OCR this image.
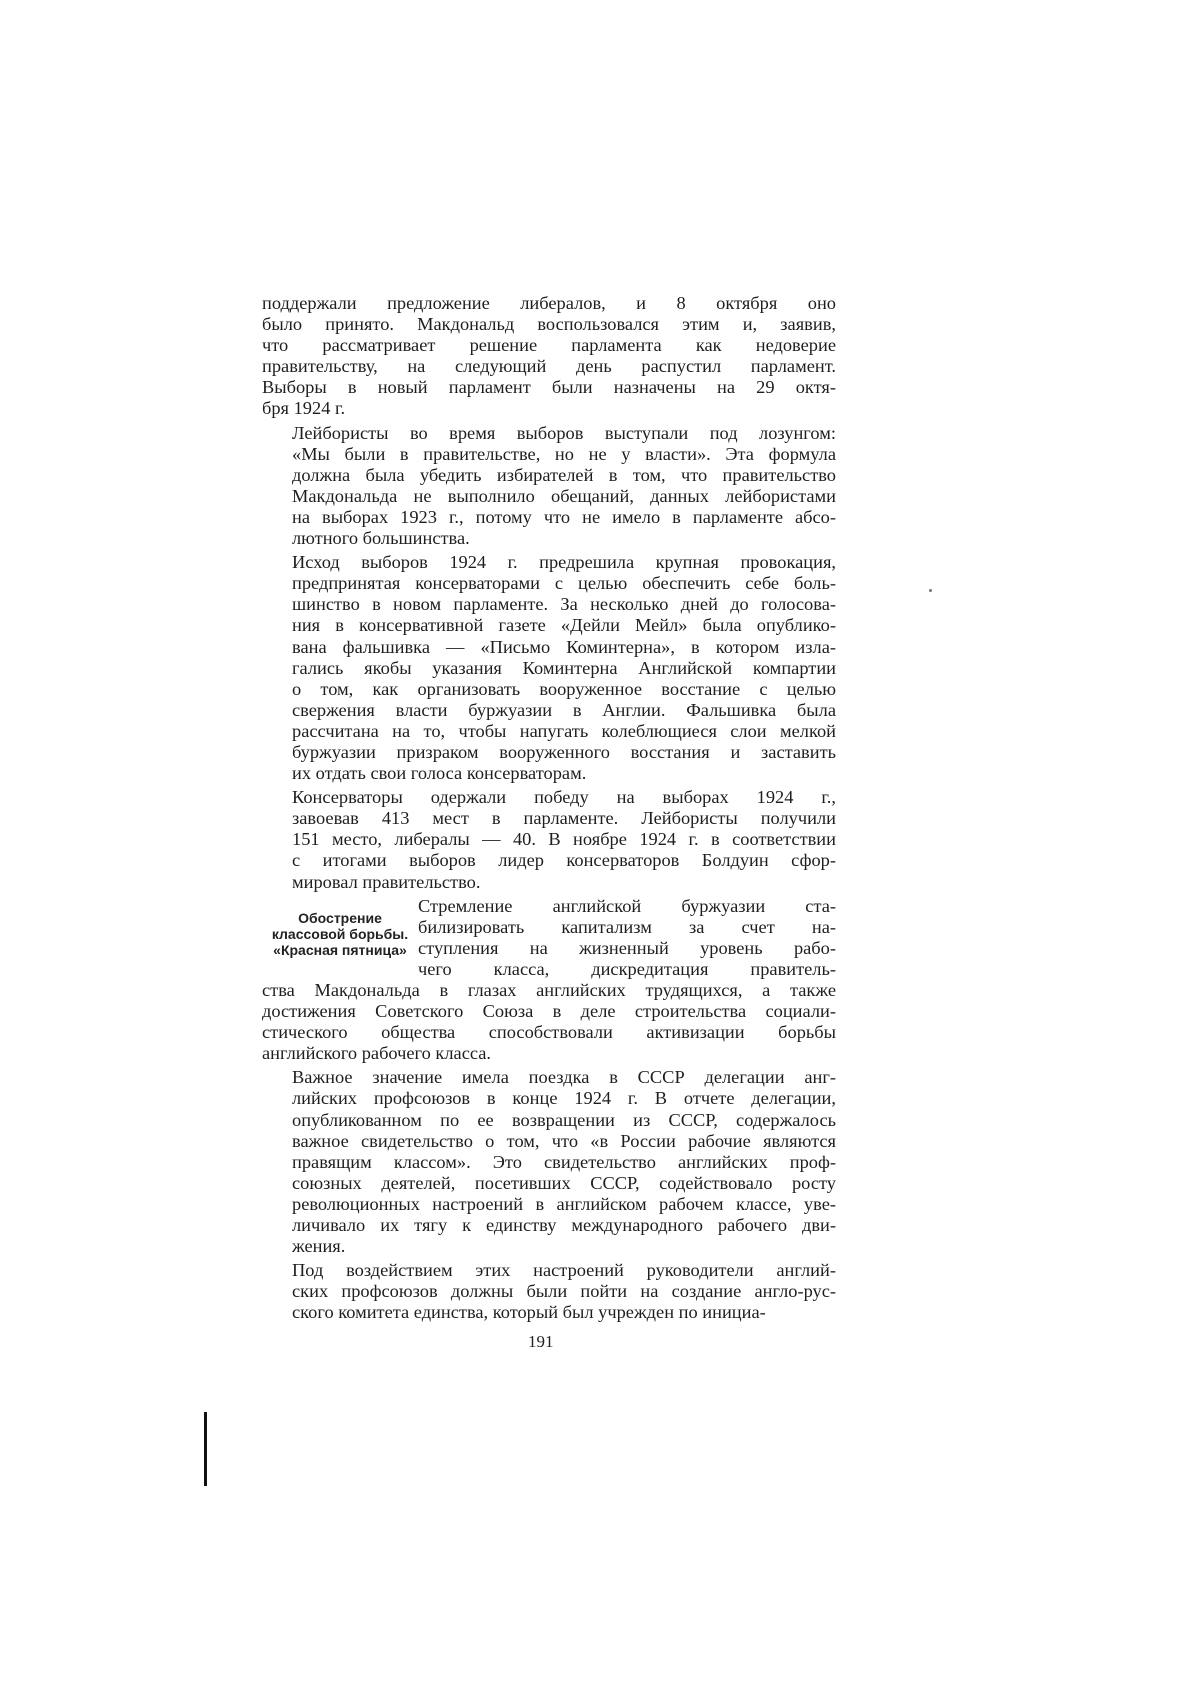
поддержали предложение либералов, и 8 октября оно
было принято. Макдональд воспользовался этим и, заявив,
что рассматривает решение парламента как недоверие
правительству, на следующий день распустил парламент.
Выборы в новый парламент были назначены на 29 октя-
бря 1924 г.

Лейбористы во время выборов выступали под лозунгом:
«Мы были в правительстве, но не у власти». Эта формула
должна была убедить избирателей в том, что правительство
Макдональда не выполнило обещаний, данных лейбористами
на выборах 1923 г., потому что не имело в парламенте абсо-
лютного большинства.

Исход выборов 1924 г. предрешила крупная провокация,
предпринятая консерваторами с целью обеспечить себе боль-
шинство в новом парламенте. За несколько дней до голосова-
ния в консервативной газете «Дейли Мейл» была опублико-
вана фальшивка — «Письмо Коминтерна», в котором изла-
гались якобы указания Коминтерна Английской компартии
о том, как организовать вооруженное восстание с целью
свержения власти буржуазии в Англии. Фальшивка была
рассчитана на то, чтобы напугать колеблющиеся слои мелкой
буржуазии призраком вооруженного восстания и заставить
их отдать свои голоса консерваторам.

Консерваторы одержали победу на выборах 1924 г.,
завоевав 413 мест в парламенте. Лейбористы получили
151 место, либералы — 40. В ноябре 1924 г. в соответствии
с итогами выборов лидер консерваторов Болдуин сфор-
мировал правительство.

Обострение
классовой борьбы.
«Красная пятница»
Стремление английской буржуазии ста-
билизировать капитализм за счет на-
ступления на жизненный уровень рабо-
чего класса, дискредитация правитель-

ства Макдональда в глазах английских трудящихся, а также
достижения Советского Союза в деле строительства социали-
стического общества способствовали активизации борьбы
английского рабочего класса.

Важное значение имела поездка в СССР делегации анг-
лийских профсоюзов в конце 1924 г. В отчете делегации,
опубликованном по ее возвращении из СССР, содержалось
важное свидетельство о том, что «в России рабочие являются
правящим классом». Это свидетельство английских проф-
союзных деятелей, посетивших СССР, содействовало росту
революционных настроений в английском рабочем классе, уве-
личивало их тягу к единству международного рабочего дви-
жения.

Под воздействием этих настроений руководители англий-
ских профсоюзов должны были пойти на создание англо-рус-
ского комитета единства, который был учрежден по инициа-

191
